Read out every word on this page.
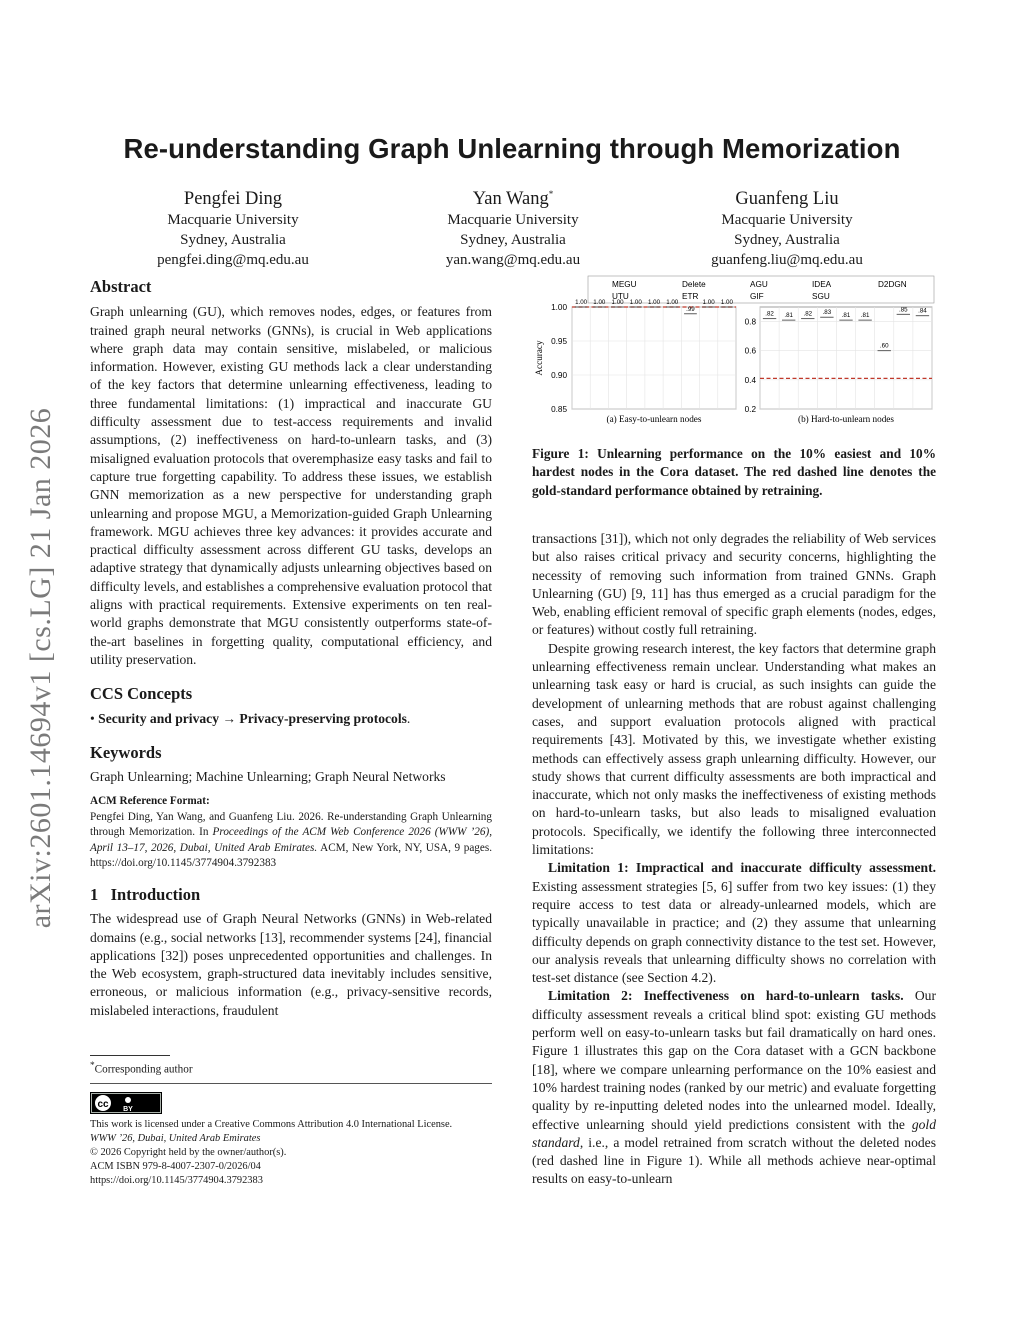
arXiv:2601.14694v1 [cs.LG] 21 Jan 2026
Re-understanding Graph Unlearning through Memorization
Pengfei Ding
Macquarie University
Sydney, Australia
pengfei.ding@mq.edu.au
Yan Wang*
Macquarie University
Sydney, Australia
yan.wang@mq.edu.au
Guanfeng Liu
Macquarie University
Sydney, Australia
guanfeng.liu@mq.edu.au
Abstract

Graph unlearning (GU), which removes nodes, edges, or features from trained graph neural networks (GNNs), is crucial in Web applications where graph data may contain sensitive, mislabeled, or malicious information. However, existing GU methods lack a clear understanding of the key factors that determine unlearning effectiveness, leading to three fundamental limitations: (1) impractical and inaccurate GU difficulty assessment due to test-access requirements and invalid assumptions, (2) ineffectiveness on hard-to-unlearn tasks, and (3) misaligned evaluation protocols that overemphasize easy tasks and fail to capture true forgetting capability. To address these issues, we establish GNN memorization as a new perspective for understanding graph unlearning and propose MGU, a Memorization-guided Graph Unlearning framework. MGU achieves three key advances: it provides accurate and practical difficulty assessment across different GU tasks, develops an adaptive strategy that dynamically adjusts unlearning objectives based on difficulty levels, and establishes a comprehensive evaluation protocol that aligns with practical requirements. Extensive experiments on ten real-world graphs demonstrate that MGU consistently outperforms state-of-the-art baselines in forgetting quality, computational efficiency, and utility preservation.

CCS Concepts

• Security and privacy → Privacy-preserving protocols.

Keywords

Graph Unlearning; Machine Unlearning; Graph Neural Networks

ACM Reference Format:
Pengfei Ding, Yan Wang, and Guanfeng Liu. 2026. Re-understanding Graph Unlearning through Memorization. In Proceedings of the ACM Web Conference 2026 (WWW ’26), April 13–17, 2026, Dubai, United Arab Emirates. ACM, New York, NY, USA, 9 pages. https://doi.org/10.1145/3774904.3792383
1 Introduction

The widespread use of Graph Neural Networks (GNNs) in Web-related domains (e.g., social networks [13], recommender systems [24], financial applications [32]) poses unprecedented opportunities and challenges. In the Web ecosystem, graph-structured data inevitably includes sensitive, erroneous, or malicious information (e.g., privacy-sensitive records, mislabeled interactions, fraudulent

*Corresponding author
cc BY
This work is licensed under a Creative Commons Attribution 4.0 International License.
WWW ’26, Dubai, United Arab Emirates
© 2026 Copyright held by the owner/author(s).
ACM ISBN 979-8-4007-2307-0/2026/04
https://doi.org/10.1145/3774904.3792383
MEGU	Delete	AGU	IDEA	D2DGN
UTU	ETR	GIF	SGU
1.00
0.95
0.90
0.85
1.00 1.00 1.00 1.00 1.00 1.00
.99
1.00 1.00
(a) Easy-to-unlearn nodes
Accuracy
0.8
0.6
0.4
0.2
.82 .81 .82 .83 .81 .81
.60
.85 .84
(b) Hard-to-unlearn nodes
Figure 1: Unlearning performance on the 10% easiest and 10% hardest nodes in the Cora dataset. The red dashed line denotes the gold-standard performance obtained by retraining.

transactions [31]), which not only degrades the reliability of Web services but also raises critical privacy and security concerns, highlighting the necessity of removing such information from trained GNNs. Graph Unlearning (GU) [9, 11] has thus emerged as a crucial paradigm for the Web, enabling efficient removal of specific graph elements (nodes, edges, or features) without costly full retraining.

Despite growing research interest, the key factors that determine graph unlearning effectiveness remain unclear. Understanding what makes an unlearning task easy or hard is crucial, as such insights can guide the development of unlearning methods that are robust against challenging cases, and support evaluation protocols aligned with practical requirements [43]. Motivated by this, we investigate whether existing methods can effectively assess graph unlearning difficulty. However, our study shows that current difficulty assessments are both impractical and inaccurate, which not only masks the ineffectiveness of existing methods on hard-to-unlearn tasks, but also leads to misaligned evaluation protocols. Specifically, we identify the following three interconnected limitations:

Limitation 1: Impractical and inaccurate difficulty assessment. Existing assessment strategies [5, 6] suffer from two key issues: (1) they require access to test data or already-unlearned models, which are typically unavailable in practice; and (2) they assume that unlearning difficulty depends on graph connectivity distance to the test set. However, our analysis reveals that unlearning difficulty shows no correlation with test-set distance (see Section 4.2).

Limitation 2: Ineffectiveness on hard-to-unlearn tasks. Our difficulty assessment reveals a critical blind spot: existing GU methods perform well on easy-to-unlearn tasks but fail dramatically on hard ones. Figure 1 illustrates this gap on the Cora dataset with a GCN backbone [18], where we compare unlearning performance on the 10% easiest and 10% hardest training nodes (ranked by our metric) and evaluate forgetting quality by re-inputting deleted nodes into the unlearned model. Ideally, effective unlearning should yield predictions consistent with the gold standard, i.e., a model retrained from scratch without the deleted nodes (red dashed line in Figure 1). While all methods achieve near-optimal results on easy-to-unlearn
